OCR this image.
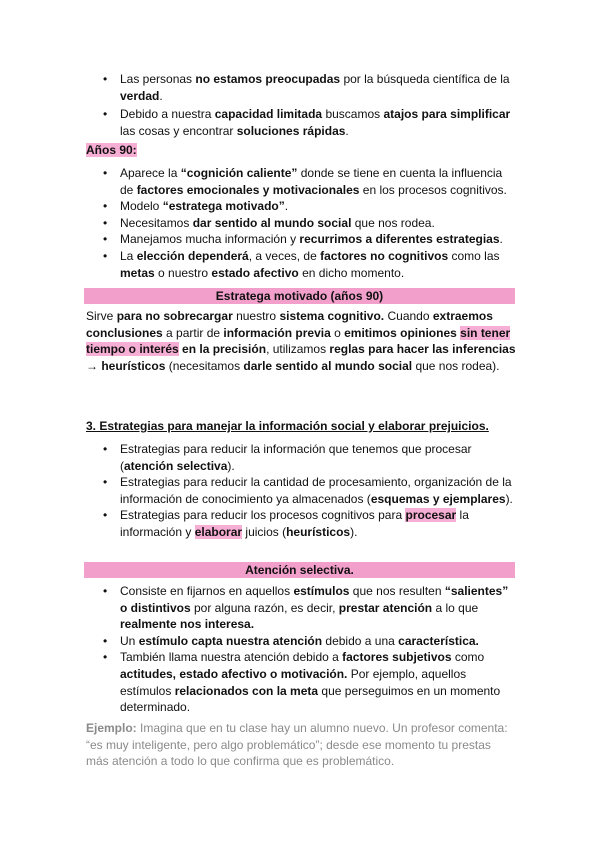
• Las personas no estamos preocupadas por la búsqueda científica de la verdad.
• Debido a nuestra capacidad limitada buscamos atajos para simplificar las cosas y encontrar soluciones rápidas.
Años 90:
• Aparece la “cognición caliente” donde se tiene en cuenta la influencia de factores emocionales y motivacionales en los procesos cognitivos.
• Modelo “estratega motivado”.
• Necesitamos dar sentido al mundo social que nos rodea.
• Manejamos mucha información y recurrimos a diferentes estrategias.
• La elección dependerá, a veces, de factores no cognitivos como las metas o nuestro estado afectivo en dicho momento.
Estratega motivado (años 90)
Sirve para no sobrecargar nuestro sistema cognitivo. Cuando extraemos conclusiones a partir de información previa o emitimos opiniones sin tener tiempo o interés en la precisión, utilizamos reglas para hacer las inferencias → heurísticos (necesitamos darle sentido al mundo social que nos rodea).
3. Estrategias para manejar la información social y elaborar prejuicios.
• Estrategias para reducir la información que tenemos que procesar (atención selectiva).
• Estrategias para reducir la cantidad de procesamiento, organización de la información de conocimiento ya almacenados (esquemas y ejemplares).
• Estrategias para reducir los procesos cognitivos para procesar la información y elaborar juicios (heurísticos).
Atención selectiva.
• Consiste en fijarnos en aquellos estímulos que nos resulten “salientes” o distintivos por alguna razón, es decir, prestar atención a lo que realmente nos interesa.
• Un estímulo capta nuestra atención debido a una característica.
• También llama nuestra atención debido a factores subjetivos como actitudes, estado afectivo o motivación. Por ejemplo, aquellos estímulos relacionados con la meta que perseguimos en un momento determinado.
Ejemplo: Imagina que en tu clase hay un alumno nuevo. Un profesor comenta: “es muy inteligente, pero algo problemático”; desde ese momento tu prestas más atención a todo lo que confirma que es problemático.
